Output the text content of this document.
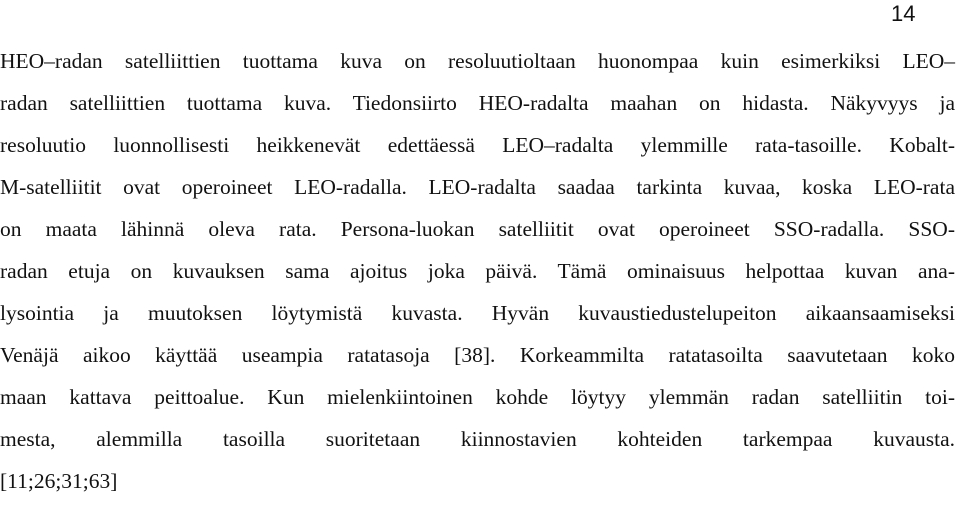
14
HEO–radan satelliittien tuottama kuva on resoluutioltaan huonompaa kuin esimerkiksi LEO–
radan satelliittien tuottama kuva. Tiedonsiirto HEO-radalta maahan on hidasta. Näkyvyys ja
resoluutio luonnollisesti heikkenevät edettäessä LEO–radalta ylemmille rata-tasoille. Kobalt-
M-satelliitit ovat operoineet LEO-radalla. LEO-radalta saadaa tarkinta kuvaa, koska LEO-rata
on maata lähinnä oleva rata. Persona-luokan satelliitit ovat operoineet SSO-radalla. SSO-
radan etuja on kuvauksen sama ajoitus joka päivä. Tämä ominaisuus helpottaa kuvan ana-
lysointia ja muutoksen löytymistä kuvasta. Hyvän kuvaustiedustelupeiton aikaansaamiseksi
Venäjä aikoo käyttää useampia ratatasoja [38]. Korkeammilta ratatasoilta saavutetaan koko
maan kattava peittoalue. Kun mielenkiintoinen kohde löytyy ylemmän radan satelliitin toi-
mesta, alemmilla tasoilla suoritetaan kiinnostavien kohteiden tarkempaa kuvausta.
[11;26;31;63]
